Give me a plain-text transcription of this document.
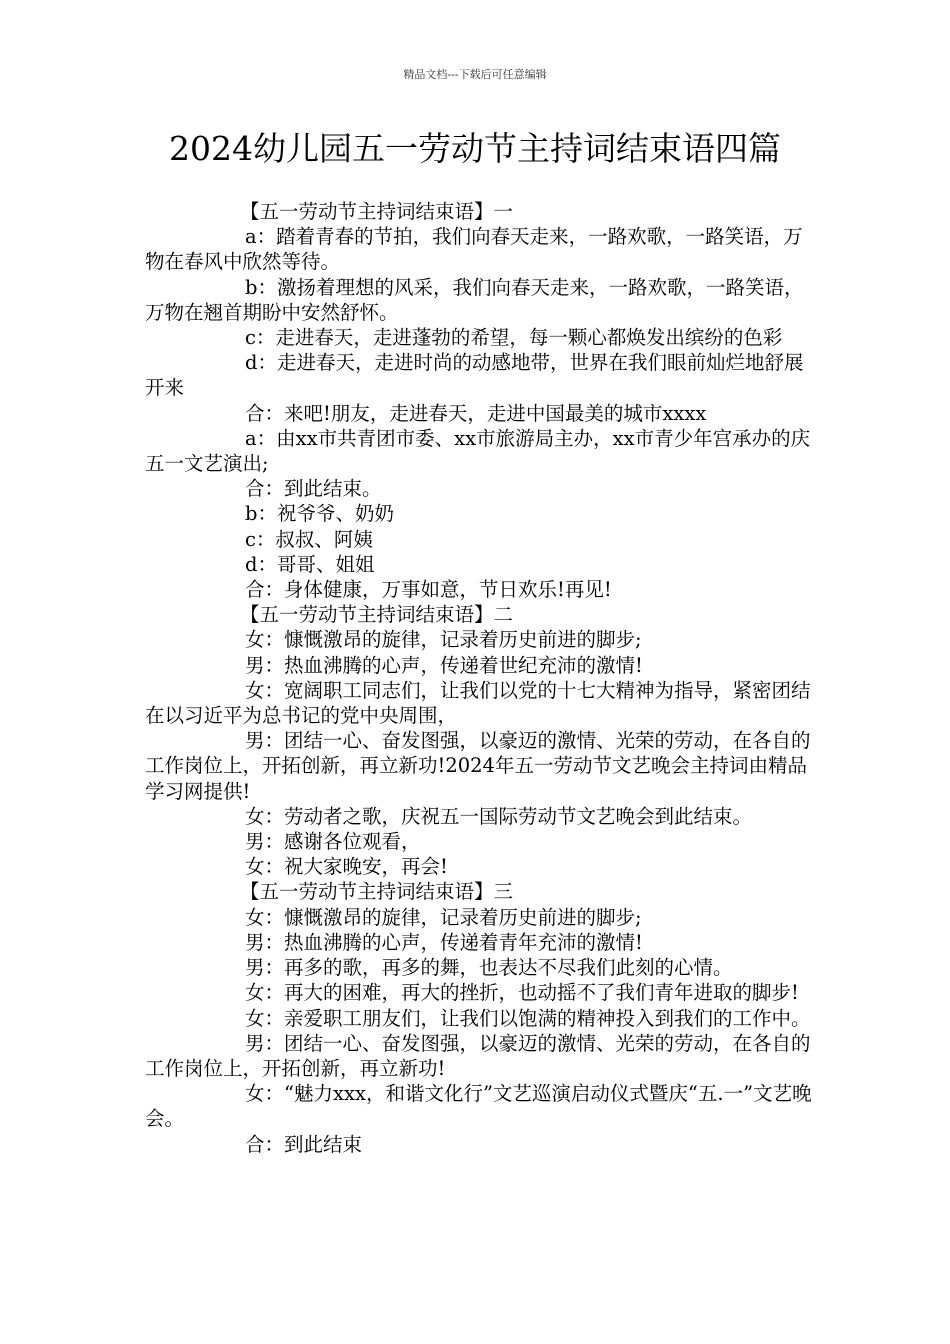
精品文档---下载后可任意编辑
2024幼儿园五一劳动节主持词结束语四篇

【五一劳动节主持词结束语】一

a：踏着青春的节拍，我们向春天走来，一路欢歌，一路笑语，万物在春风中欣然等待。

b：激扬着理想的风采，我们向春天走来，一路欢歌，一路笑语，万物在翘首期盼中安然舒怀。

c：走进春天，走进蓬勃的希望，每一颗心都焕发出缤纷的色彩

d：走进春天，走进时尚的动感地带，世界在我们眼前灿烂地舒展开来

合：来吧!朋友，走进春天，走进中国最美的城市xxxx

a：由xx市共青团市委、xx市旅游局主办，xx市青少年宫承办的庆五一文艺演出;

合：到此结束。

b：祝爷爷、奶奶

c：叔叔、阿姨

d：哥哥、姐姐

合：身体健康，万事如意，节日欢乐!再见!

【五一劳动节主持词结束语】二

女：慷慨激昂的旋律，记录着历史前进的脚步;

男：热血沸腾的心声，传递着世纪充沛的激情!

女：宽阔职工同志们，让我们以党的十七大精神为指导，紧密团结在以习近平为总书记的党中央周围，

男：团结一心、奋发图强，以豪迈的激情、光荣的劳动，在各自的工作岗位上，开拓创新，再立新功!2024年五一劳动节文艺晚会主持词由精品学习网提供!

女：劳动者之歌，庆祝五一国际劳动节文艺晚会到此结束。

男：感谢各位观看，

女：祝大家晚安，再会!

【五一劳动节主持词结束语】三

女：慷慨激昂的旋律，记录着历史前进的脚步;

男：热血沸腾的心声，传递着青年充沛的激情!

男：再多的歌，再多的舞，也表达不尽我们此刻的心情。

女：再大的困难，再大的挫折，也动摇不了我们青年进取的脚步!

女：亲爱职工朋友们，让我们以饱满的精神投入到我们的工作中。

男：团结一心、奋发图强，以豪迈的激情、光荣的劳动，在各自的工作岗位上，开拓创新，再立新功!

女：“魅力xxx，和谐文化行”文艺巡演启动仪式暨庆“五.一”文艺晚会。

合：到此结束
